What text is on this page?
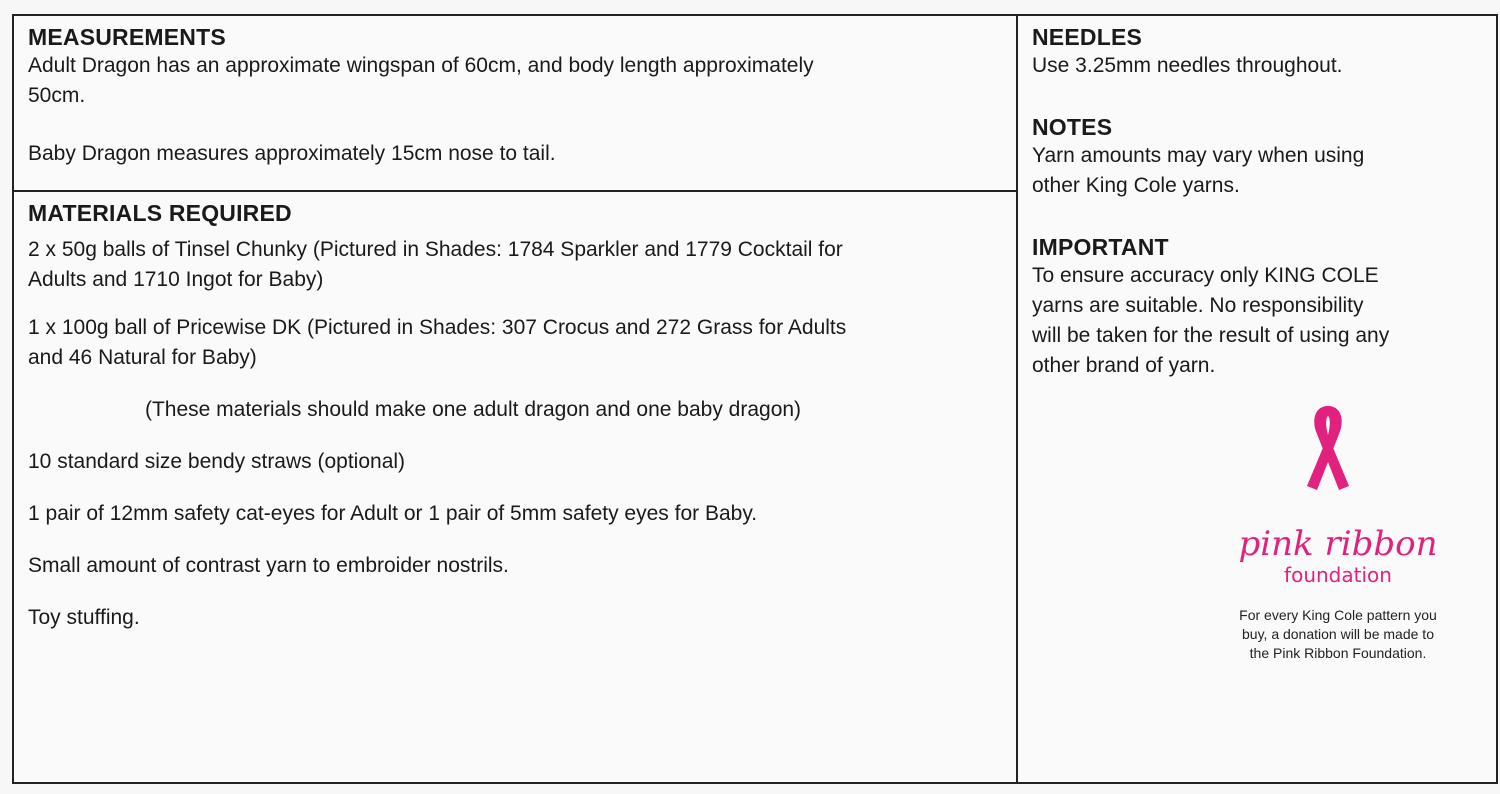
MEASUREMENTS

Adult Dragon has an approximate wingspan of 60cm, and body length approximately

50cm.

Baby Dragon measures approximately 15cm nose to tail.

MATERIALS REQUIRED

2 x 50g balls of Tinsel Chunky (Pictured in Shades: 1784 Sparkler and 1779 Cocktail for

Adults and 1710 Ingot for Baby)

1 x 100g ball of Pricewise DK (Pictured in Shades: 307 Crocus and 272 Grass for Adults

and 46 Natural for Baby)

(These materials should make one adult dragon and one baby dragon)

10 standard size bendy straws (optional)

1 pair of 12mm safety cat-eyes for Adult or 1 pair of 5mm safety eyes for Baby.

Small amount of contrast yarn to embroider nostrils.

Toy stuffing.

NEEDLES

Use 3.25mm needles throughout.

NOTES

Yarn amounts may vary when using

other King Cole yarns.

IMPORTANT

To ensure accuracy only KING COLE

yarns are suitable. No responsibility

will be taken for the result of using any

other brand of yarn.

pink ribbon
foundation
For every King Cole pattern you
buy, a donation will be made to
the Pink Ribbon Foundation.
